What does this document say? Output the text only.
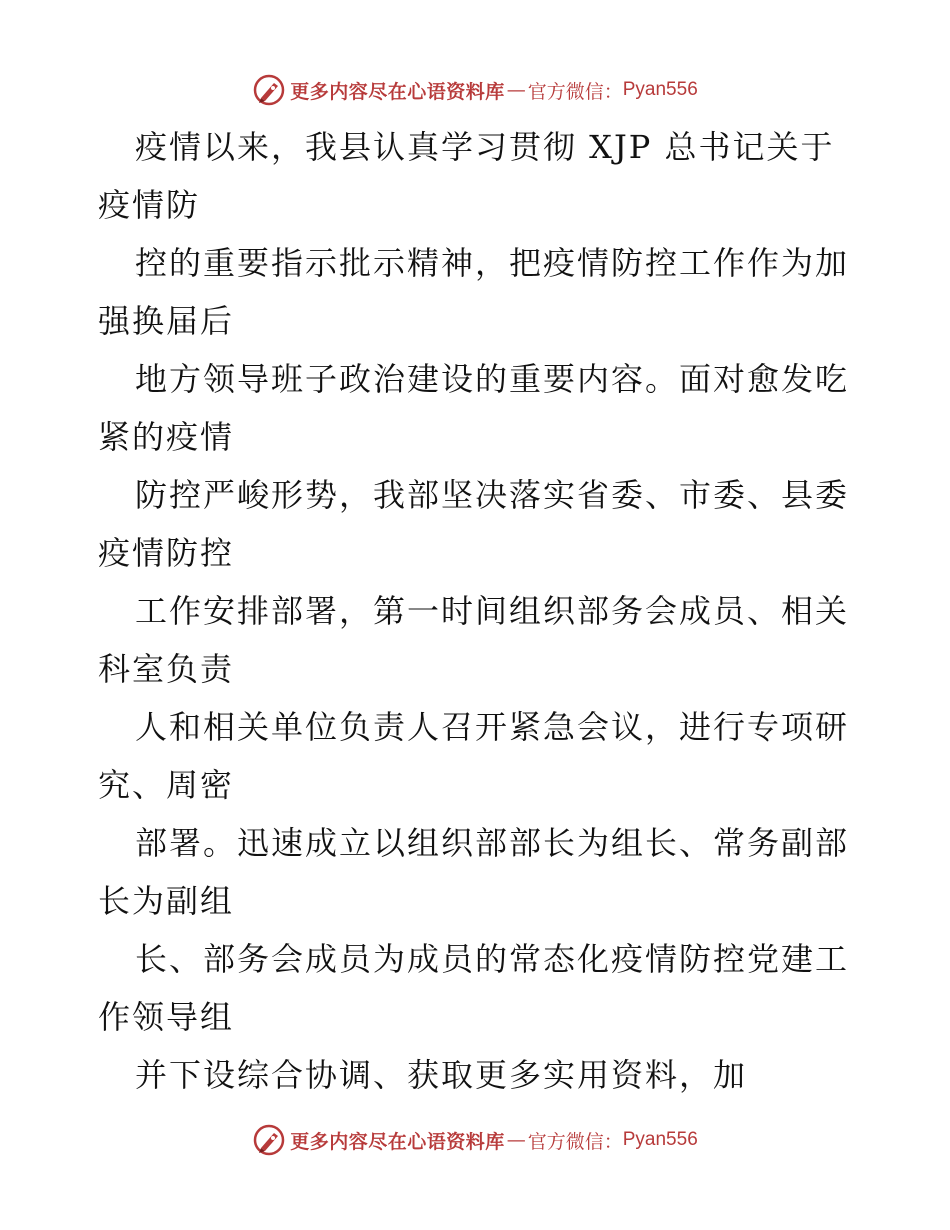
更多内容尽在心语资料库 — 官方微信： Pyan556
疫情以来，我县认真学习贯彻 XJP 总书记关于
疫情防
控的重要指示批示精神，把疫情防控工作作为加
强换届后
地方领导班子政治建设的重要内容。面对愈发吃
紧的疫情
防控严峻形势，我部坚决落实省委、市委、县委
疫情防控
工作安排部署，第一时间组织部务会成员、相关
科室负责
人和相关单位负责人召开紧急会议，进行专项研
究、周密
部署。迅速成立以组织部部长为组长、常务副部
长为副组
长、部务会成员为成员的常态化疫情防控党建工
作领导组
并下设综合协调、获取更多实用资料，加
更多内容尽在心语资料库 — 官方微信： Pyan556
